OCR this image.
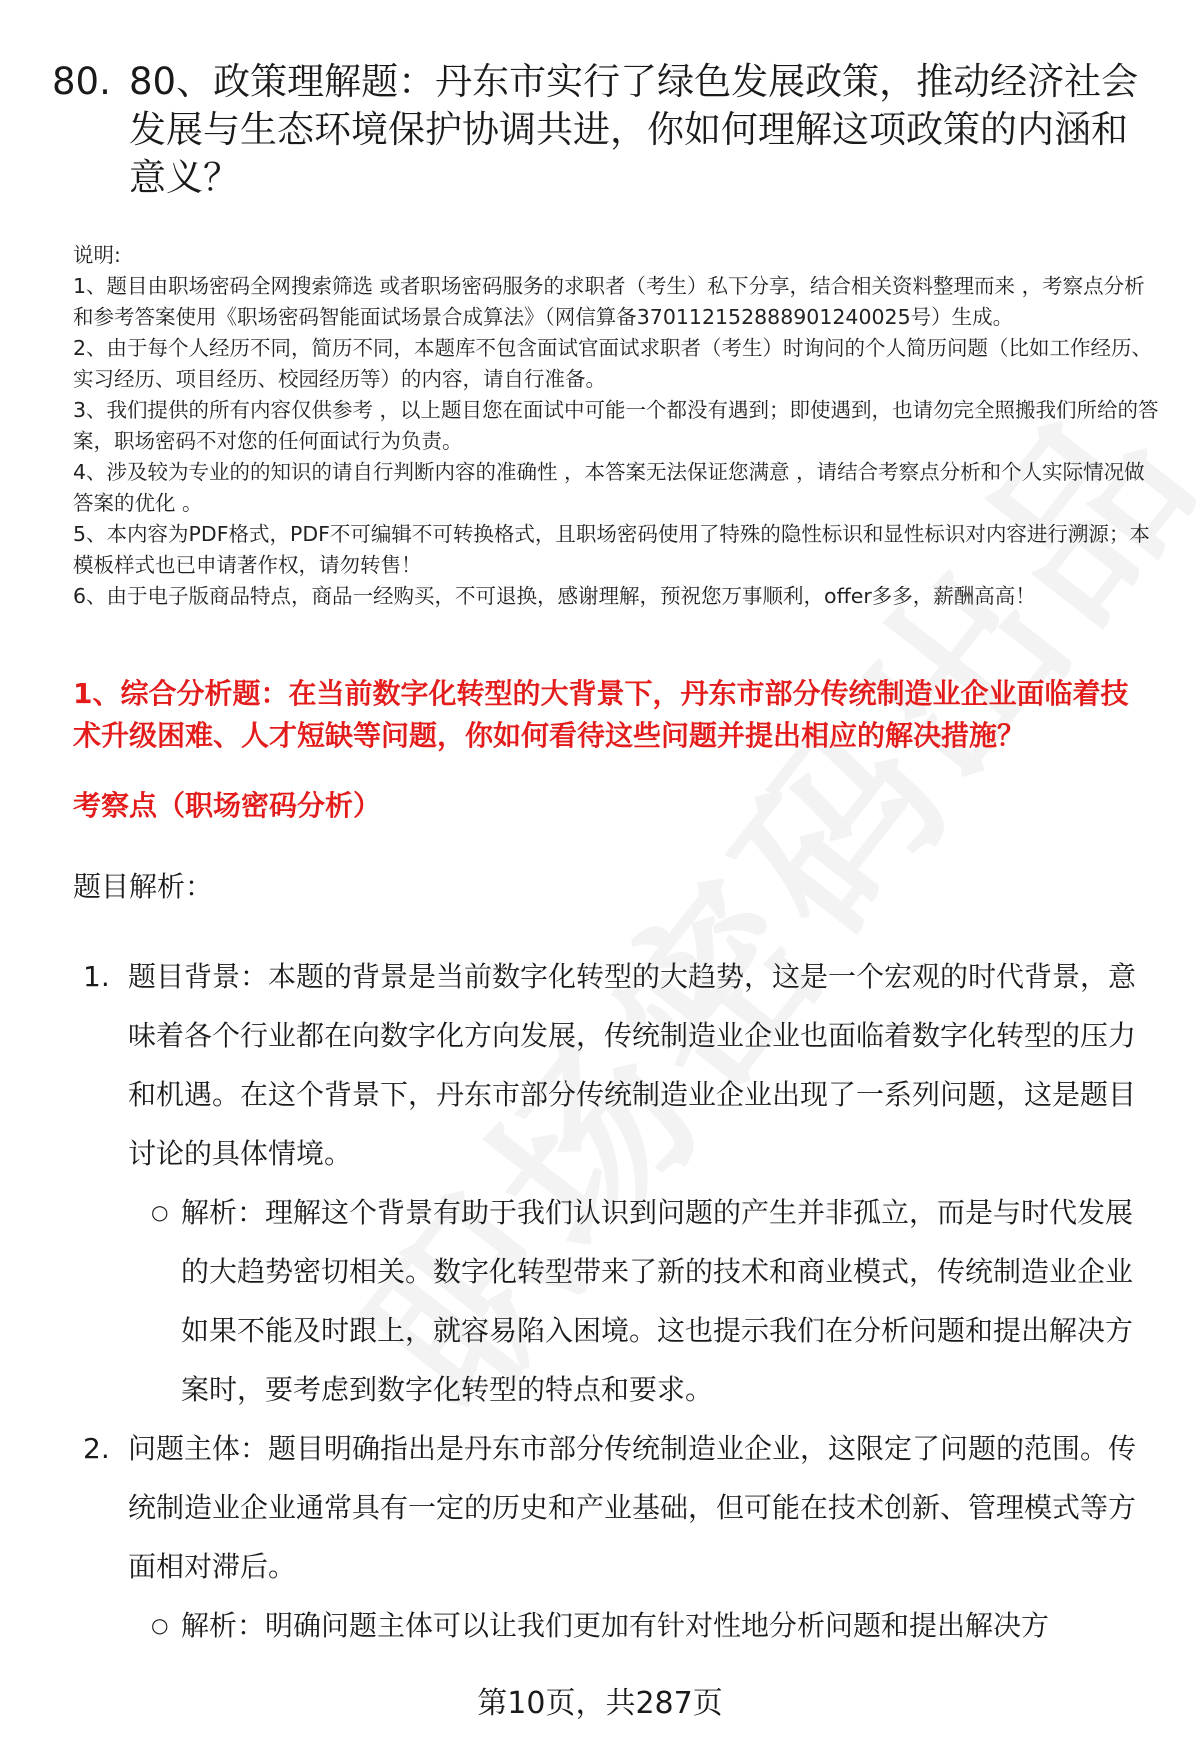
80. 80、政策理解题：丹东市实行了绿色发展政策，推动经济社会发展与生态环境保护协调共进，你如何理解这项政策的内涵和意义？
说明:
1、题目由职场密码全网搜索筛选 或者职场密码服务的求职者（考生）私下分享，结合相关资料整理而来 ，考察点分析和参考答案使用《职场密码智能面试场景合成算法》（网信算备370112152888901240025号）生成。
2、由于每个人经历不同，简历不同，本题库不包含面试官面试求职者（考生）时询问的个人简历问题（比如工作经历、实习经历、项目经历、校园经历等）的内容，请自行准备。
3、我们提供的所有内容仅供参考 ，以上题目您在面试中可能一个都没有遇到；即使遇到，也请勿完全照搬我们所给的答案，职场密码不对您的任何面试行为负责。
4、涉及较为专业的的知识的请自行判断内容的准确性 ，本答案无法保证您满意 ，请结合考察点分析和个人实际情况做答案的优化 。
5、本内容为PDF格式，PDF不可编辑不可转换格式，且职场密码使用了特殊的隐性标识和显性标识对内容进行溯源；本模板样式也已申请著作权，请勿转售！
6、由于电子版商品特点，商品一经购买，不可退换，感谢理解，预祝您万事顺利，offer多多，薪酬高高！
1、综合分析题：在当前数字化转型的大背景下，丹东市部分传统制造业企业面临着技术升级困难、人才短缺等问题，你如何看待这些问题并提出相应的解决措施？
考察点（职场密码分析）
题目解析：
1. 题目背景：本题的背景是当前数字化转型的大趋势，这是一个宏观的时代背景，意味着各个行业都在向数字化方向发展，传统制造业企业也面临着数字化转型的压力和机遇。在这个背景下，丹东市部分传统制造业企业出现了一系列问题，这是题目讨论的具体情境。
○ 解析：理解这个背景有助于我们认识到问题的产生并非孤立，而是与时代发展的大趋势密切相关。数字化转型带来了新的技术和商业模式，传统制造业企业如果不能及时跟上，就容易陷入困境。这也提示我们在分析问题和提出解决方案时，要考虑到数字化转型的特点和要求。
2. 问题主体：题目明确指出是丹东市部分传统制造业企业，这限定了问题的范围。传统制造业企业通常具有一定的历史和产业基础，但可能在技术创新、管理模式等方面相对滞后。
○ 解析：明确问题主体可以让我们更加有针对性地分析问题和提出解决方
第10页，共287页
